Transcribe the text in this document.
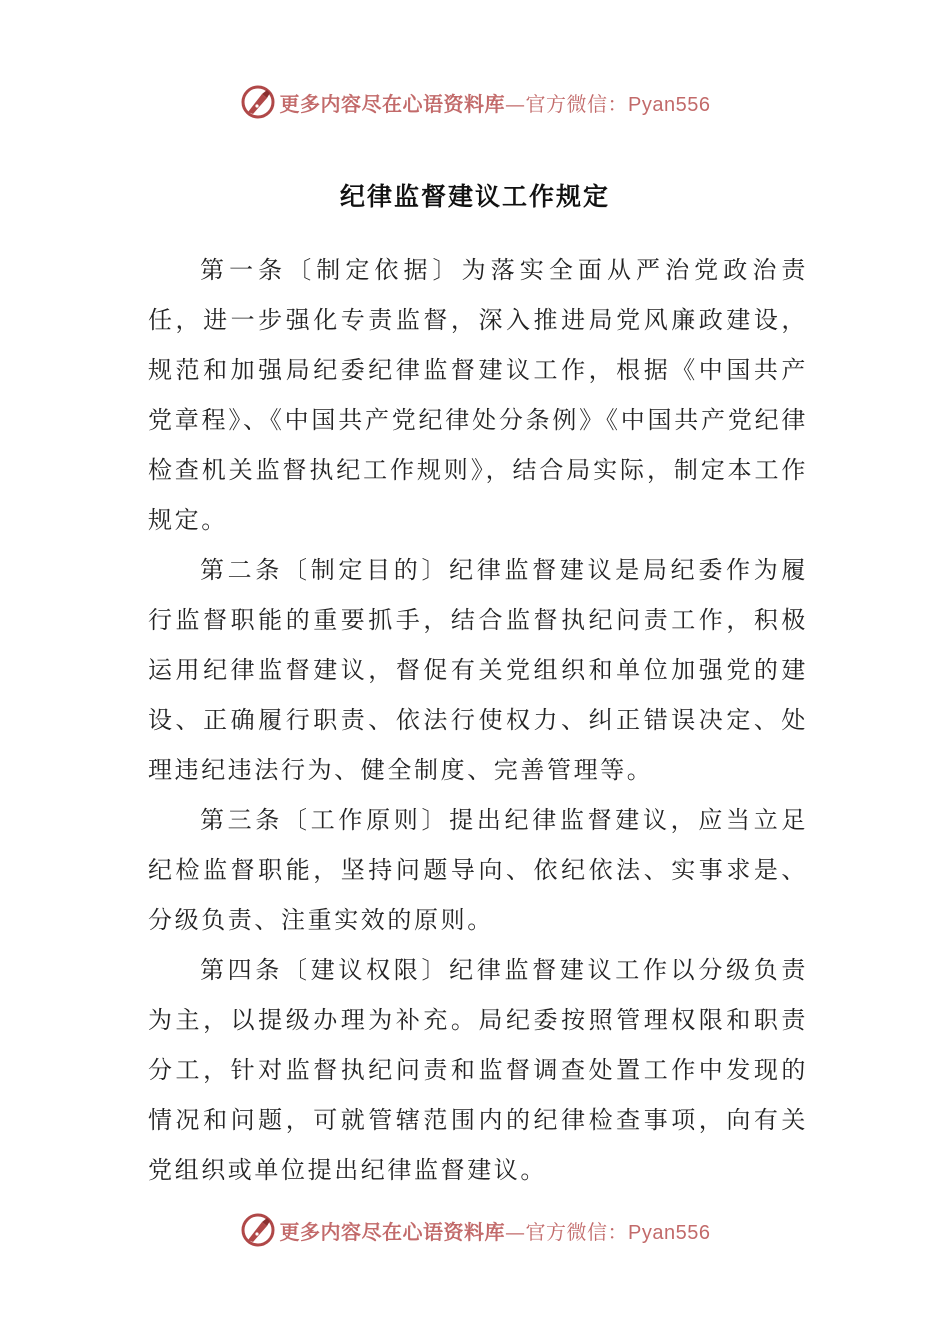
更多内容尽在心语资料库—官方微信：Pyan556
纪律监督建议工作规定

第一条〔制定依据〕为落实全面从严治党政治责任，进一步强化专责监督，深入推进局党风廉政建设，规范和加强局纪委纪律监督建议工作，根据《中国共产党章程》、《中国共产党纪律处分条例》《中国共产党纪律检查机关监督执纪工作规则》，结合局实际，制定本工作规定。

第二条〔制定目的〕纪律监督建议是局纪委作为履行监督职能的重要抓手，结合监督执纪问责工作，积极运用纪律监督建议，督促有关党组织和单位加强党的建设、正确履行职责、依法行使权力、纠正错误决定、处理违纪违法行为、健全制度、完善管理等。

第三条〔工作原则〕提出纪律监督建议，应当立足纪检监督职能，坚持问题导向、依纪依法、实事求是、分级负责、注重实效的原则。

第四条〔建议权限〕纪律监督建议工作以分级负责为主，以提级办理为补充。局纪委按照管理权限和职责分工，针对监督执纪问责和监督调查处置工作中发现的情况和问题，可就管辖范围内的纪律检查事项，向有关党组织或单位提出纪律监督建议。

更多内容尽在心语资料库—官方微信：Pyan556
